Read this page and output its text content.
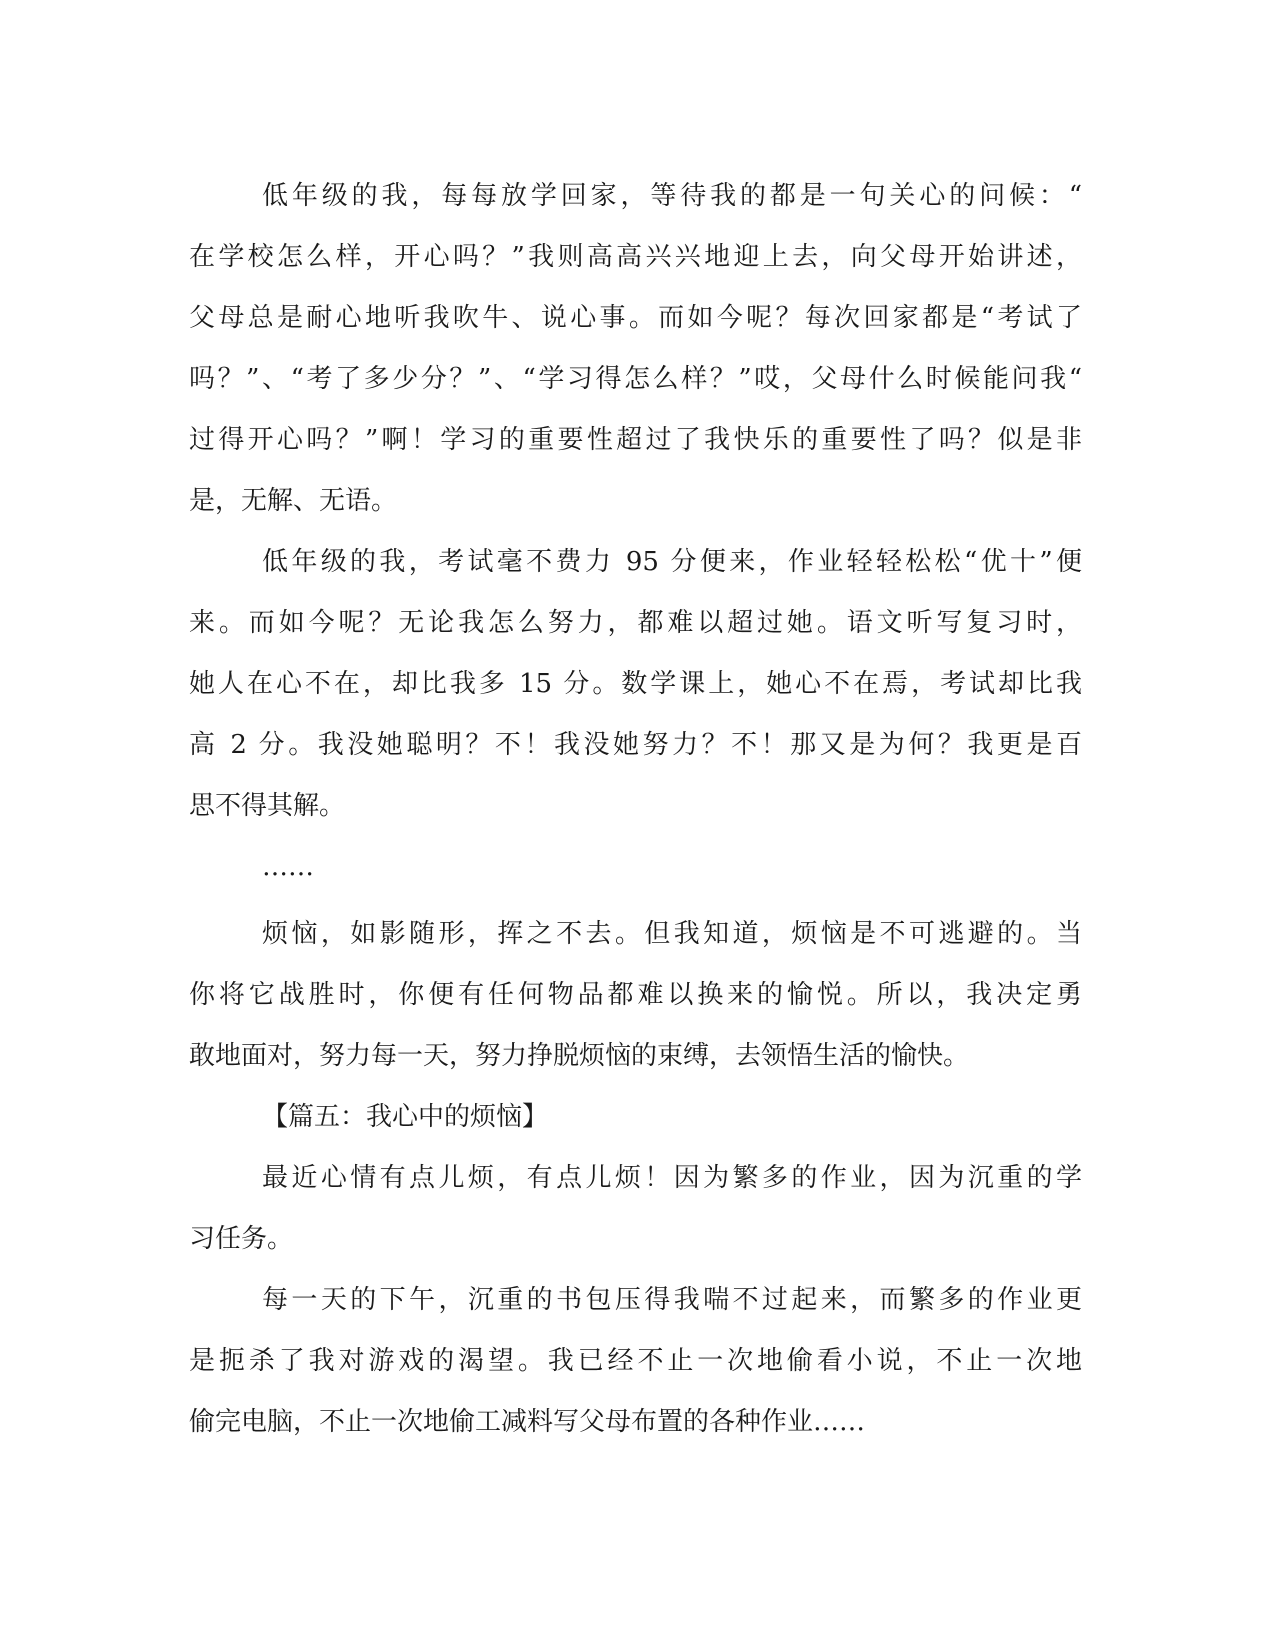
低年级的我，每每放学回家，等待我的都是一句关心的问候：“
在学校怎么样，开心吗？”我则高高兴兴地迎上去，向父母开始讲述，
父母总是耐心地听我吹牛、说心事。而如今呢？每次回家都是“考试了
吗？”、“考了多少分？”、“学习得怎么样？”哎，父母什么时候能问我“
过得开心吗？”啊！学习的重要性超过了我快乐的重要性了吗？似是非
是，无解、无语。
低年级的我，考试毫不费力 95 分便来，作业轻轻松松“优十”便
来。而如今呢？无论我怎么努力，都难以超过她。语文听写复习时，
她人在心不在，却比我多 15 分。数学课上，她心不在焉，考试却比我
高 2 分。我没她聪明？不！我没她努力？不！那又是为何？我更是百
思不得其解。
……
烦恼，如影随形，挥之不去。但我知道，烦恼是不可逃避的。当
你将它战胜时，你便有任何物品都难以换来的愉悦。所以，我决定勇
敢地面对，努力每一天，努力挣脱烦恼的束缚，去领悟生活的愉快。
【篇五：我心中的烦恼】
最近心情有点儿烦，有点儿烦！因为繁多的作业，因为沉重的学
习任务。
每一天的下午，沉重的书包压得我喘不过起来，而繁多的作业更
是扼杀了我对游戏的渴望。我已经不止一次地偷看小说，不止一次地
偷完电脑，不止一次地偷工减料写父母布置的各种作业……
